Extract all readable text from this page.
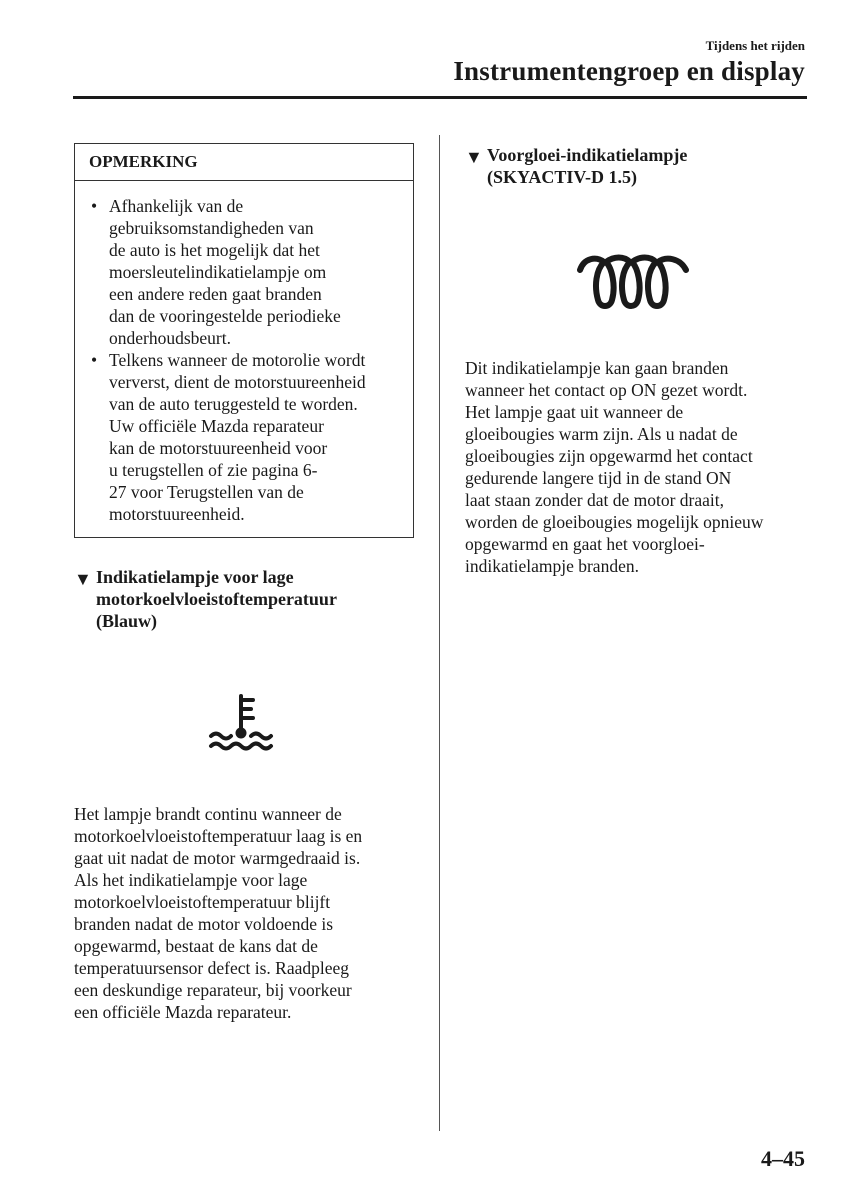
Tijdens het rijden
Instrumentengroep en display
OPMERKING
• Afhankelijk van de
gebruiksomstandigheden van
de auto is het mogelijk dat het
moersleutelindikatielampje om
een andere reden gaat branden
dan de vooringestelde periodieke
onderhoudsbeurt.
• Telkens wanneer de motorolie wordt
ververst, dient de motorstuureenheid
van de auto teruggesteld te worden.
Uw officiële Mazda reparateur
kan de motorstuureenheid voor
u terugstellen of zie pagina 6-
27 voor Terugstellen van de
motorstuureenheid.
▼ Indikatielampje voor lage
motorkoelvloeistoftemperatuur
(Blauw)
Het lampje brandt continu wanneer de
motorkoelvloeistoftemperatuur laag is en
gaat uit nadat de motor warmgedraaid is.
Als het indikatielampje voor lage
motorkoelvloeistoftemperatuur blijft
branden nadat de motor voldoende is
opgewarmd, bestaat de kans dat de
temperatuursensor defect is. Raadpleeg
een deskundige reparateur, bij voorkeur
een officiële Mazda reparateur.
▼ Voorgloei-indikatielampje
(SKYACTIV-D 1.5)
Dit indikatielampje kan gaan branden
wanneer het contact op ON gezet wordt.
Het lampje gaat uit wanneer de
gloeibougies warm zijn. Als u nadat de
gloeibougies zijn opgewarmd het contact
gedurende langere tijd in de stand ON
laat staan zonder dat de motor draait,
worden de gloeibougies mogelijk opnieuw
opgewarmd en gaat het voorgloei-
indikatielampje branden.
4–45
